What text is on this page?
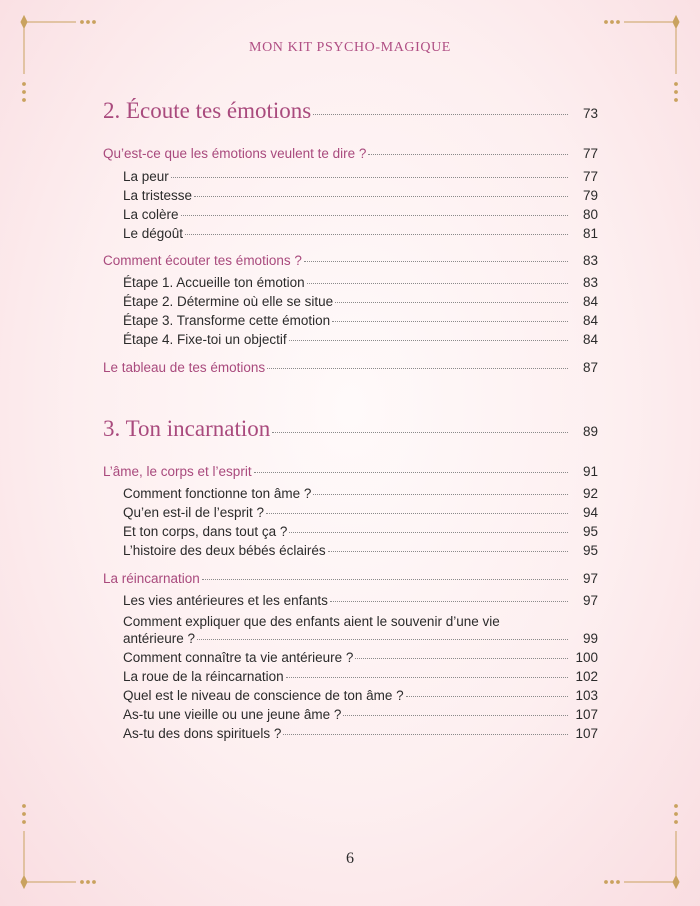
MON KIT PSYCHO-MAGIQUE
2. Écoute tes émotions	73
Qu’est-ce que les émotions veulent te dire ?	77
La peur	77
La tristesse	79
La colère	80
Le dégoût	81
Comment écouter tes émotions ?	83
Étape 1. Accueille ton émotion	83
Étape 2. Détermine où elle se situe	84
Étape 3. Transforme cette émotion	84
Étape 4. Fixe-toi un objectif	84
Le tableau de tes émotions	87
3. Ton incarnation	89
L’âme, le corps et l’esprit	91
Comment fonctionne ton âme ?	92
Qu’en est-il de l’esprit ?	94
Et ton corps, dans tout ça ?	95
L’histoire des deux bébés éclairés	95
La réincarnation	97
Les vies antérieures et les enfants	97
Comment expliquer que des enfants aient le souvenir d’une vie
antérieure ?	99
Comment connaître ta vie antérieure ?	100
La roue de la réincarnation	102
Quel est le niveau de conscience de ton âme ?	103
As-tu une vieille ou une jeune âme ?	107
As-tu des dons spirituels ?	107
6
